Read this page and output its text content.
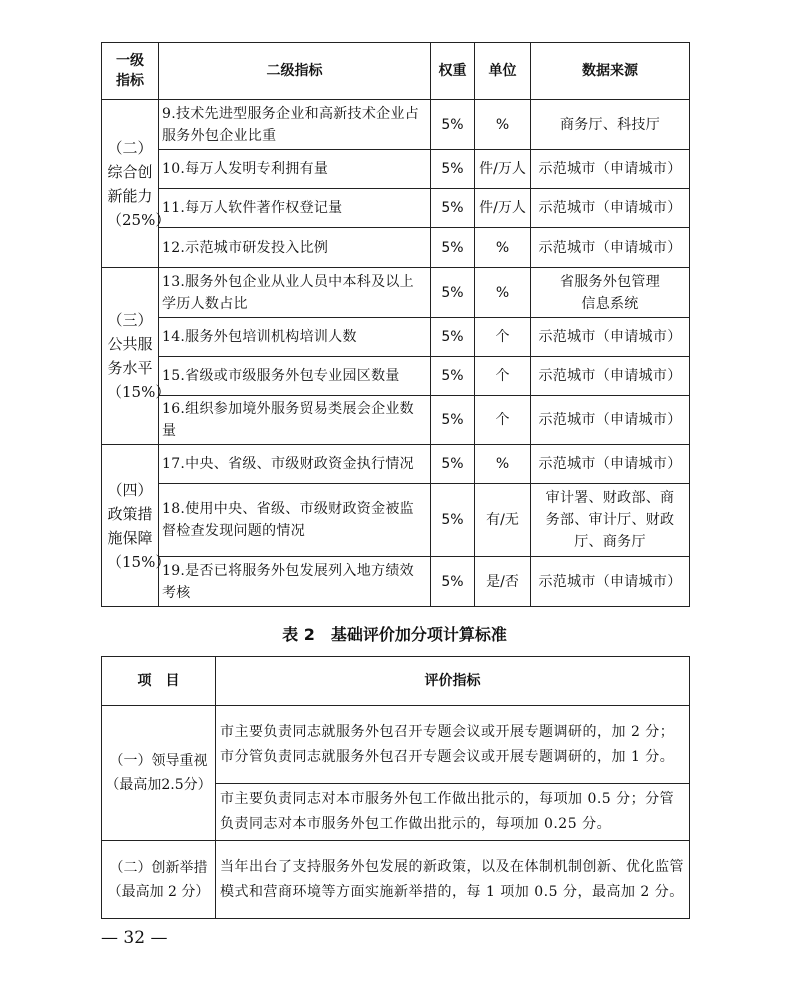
一级指标	二级指标	权重	单位	数据来源
（二）综合创新能力（25%）	9.技术先进型服务企业和高新技术企业占服务外包企业比重	5%	%	商务厅、科技厅
	10.每万人发明专利拥有量	5%	件/万人	示范城市（申请城市）
	11.每万人软件著作权登记量	5%	件/万人	示范城市（申请城市）
	12.示范城市研发投入比例	5%	%	示范城市（申请城市）
（三）公共服务水平（15%）	13.服务外包企业从业人员中本科及以上学历人数占比	5%	%	省服务外包管理信息系统
	14.服务外包培训机构培训人数	5%	个	示范城市（申请城市）
	15.省级或市级服务外包专业园区数量	5%	个	示范城市（申请城市）
	16.组织参加境外服务贸易类展会企业数量	5%	个	示范城市（申请城市）
（四）政策措施保障（15%）	17.中央、省级、市级财政资金执行情况	5%	%	示范城市（申请城市）
	18.使用中央、省级、市级财政资金被监督检查发现问题的情况	5%	有/无	审计署、财政部、商务部、审计厅、财政厅、商务厅
	19.是否已将服务外包发展列入地方绩效考核	5%	是/否	示范城市（申请城市）
表 2　基础评价加分项计算标准
项　目	评价指标
（一）领导重视（最高加2.5分）	市主要负责同志就服务外包召开专题会议或开展专题调研的，加 2 分；市分管负责同志就服务外包召开专题会议或开展专题调研的，加 1 分。
	市主要负责同志对本市服务外包工作做出批示的，每项加 0.5 分；分管负责同志对本市服务外包工作做出批示的，每项加 0.25 分。
（二）创新举措（最高加 2 分）	当年出台了支持服务外包发展的新政策，以及在体制机制创新、优化监管模式和营商环境等方面实施新举措的，每 1 项加 0.5 分，最高加 2 分。
— 32 —
